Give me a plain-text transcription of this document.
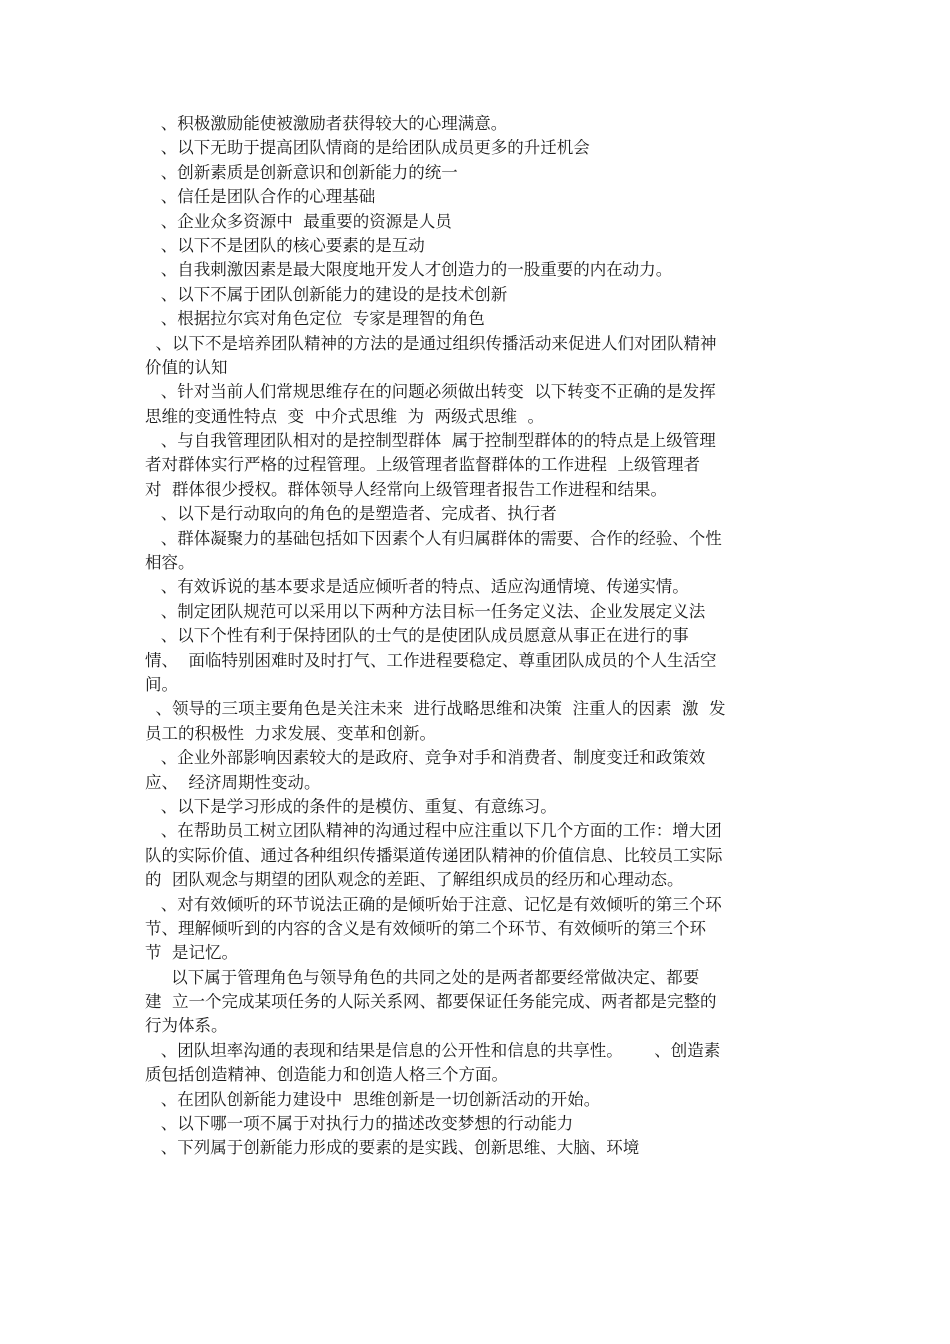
、积极激励能使被激励者获得较大的心理满意。
、以下无助于提高团队情商的是给团队成员更多的升迁机会
、创新素质是创新意识和创新能力的统一
、信任是团队合作的心理基础
、企业众多资源中  最重要的资源是人员
、以下不是团队的核心要素的是互动
、自我刺激因素是最大限度地开发人才创造力的一股重要的内在动力。
、以下不属于团队创新能力的建设的是技术创新
、根据拉尔宾对角色定位  专家是理智的角色
、以下不是培养团队精神的方法的是通过组织传播活动来促进人们对团队精神
价值的认知
、针对当前人们常规思维存在的问题必须做出转变  以下转变不正确的是发挥
思维的变通性特点  变  中介式思维  为  两级式思维  。
、与自我管理团队相对的是控制型群体  属于控制型群体的的特点是上级管理
者对群体实行严格的过程管理。上级管理者监督群体的工作进程  上级管理者
对  群体很少授权。群体领导人经常向上级管理者报告工作进程和结果。
、以下是行动取向的角色的是塑造者、完成者、执行者
、群体凝聚力的基础包括如下因素个人有归属群体的需要、合作的经验、个性
相容。
、有效诉说的基本要求是适应倾听者的特点、适应沟通情境、传递实情。
、制定团队规范可以采用以下两种方法目标一任务定义法、企业发展定义法
、以下个性有利于保持团队的士气的是使团队成员愿意从事正在进行的事
情、  面临特别困难时及时打气、工作进程要稳定、尊重团队成员的个人生活空
间。
、领导的三项主要角色是关注未来  进行战略思维和决策  注重人的因素  激  发
员工的积极性  力求发展、变革和创新。
、企业外部影响因素较大的是政府、竞争对手和消费者、制度变迁和政策效
应、  经济周期性变动。
、以下是学习形成的条件的是模仿、重复、有意练习。
、在帮助员工树立团队精神的沟通过程中应注重以下几个方面的工作：增大团
队的实际价值、通过各种组织传播渠道传递团队精神的价值信息、比较员工实际
的  团队观念与期望的团队观念的差距、了解组织成员的经历和心理动态。
、对有效倾听的环节说法正确的是倾听始于注意、记忆是有效倾听的第三个环
节、理解倾听到的内容的含义是有效倾听的第二个环节、有效倾听的第三个环
节  是记忆。
以下属于管理角色与领导角色的共同之处的是两者都要经常做决定、都要
建  立一个完成某项任务的人际关系网、都要保证任务能完成、两者都是完整的
行为体系。
、团队坦率沟通的表现和结果是信息的公开性和信息的共享性。      、创造素
质包括创造精神、创造能力和创造人格三个方面。
、在团队创新能力建设中  思维创新是一切创新活动的开始。
、以下哪一项不属于对执行力的描述改变梦想的行动能力
、下列属于创新能力形成的要素的是实践、创新思维、大脑、环境
